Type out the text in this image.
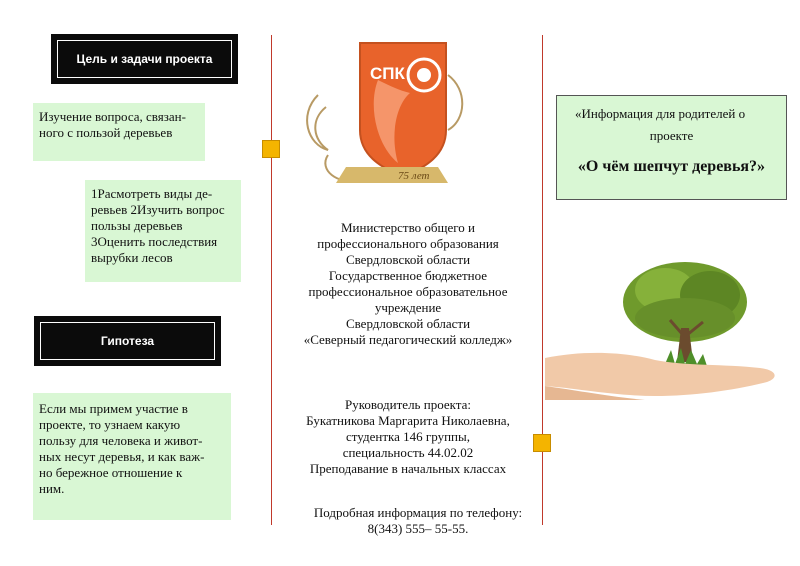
Цель и задачи проекта
Изучение вопроса, связан-ного с пользой деревьев
1Расмотреть виды де-
ревьев 2Изучить вопрос
пользы деревьев
3Оценить последствия
вырубки лесов
Гипотеза
Если мы примем участие в
проекте, то узнаем какую
пользу для человека и живот-
ных несут деревья, и как важ-
но бережное отношение к
ним.
СПК
75 лет
Министерство общего и
профессионального образования
Свердловской области
Государственное бюджетное
профессиональное образовательное
учреждение
Свердловской области
«Северный педагогический колледж»
Руководитель проекта:
Букатникова Маргарита Николаевна,
студентка 146 группы,
специальность 44.02.02
Преподавание в начальных классах
Подробная информация по телефону:
8(343) 555– 55-55.
«Информация для родителей о
проекте
«О чём шепчут деревья?»
